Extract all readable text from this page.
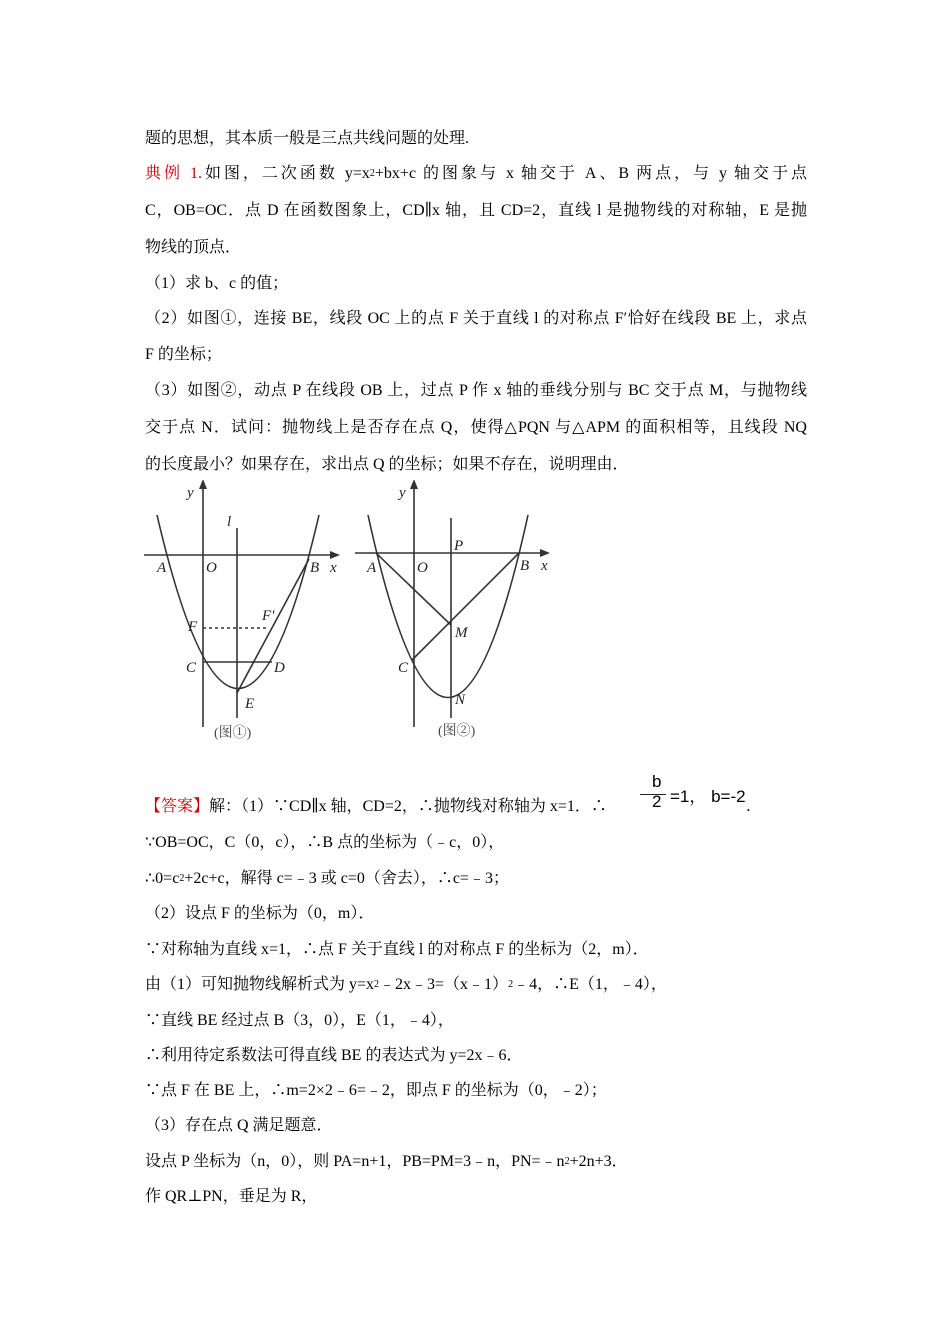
题的思想，其本质一般是三点共线问题的处理.
典例 1.如图，二次函数 $y=x^2+bx+c$ 的图象与 x 轴交于 A、B 两点，与 y 轴交于点
C，OB=OC．点 D 在函数图象上，CD∥x 轴，且 CD=2，直线 l 是抛物线的对称轴，E 是抛
物线的顶点．
（1）求 b、c 的值；
（2）如图①，连接 BE，线段 OC 上的点 F 关于直线 l 的对称点 F′恰好在线段 BE 上，求点
F 的坐标；
（3）如图②，动点 P 在线段 OB 上，过点 P 作 x 轴的垂线分别与 BC 交于点 M，与抛物线
交于点 N．试问：抛物线上是否存在点 Q，使得△PQN 与△APM 的面积相等，且线段 NQ
的长度最小？如果存在，求出点 Q 的坐标；如果不存在，说明理由．
y
l
A	O	B x
F
F′
C	D
E
(图①)
y
P
A	O	B x
M
C
N
(图②)
【答案】解：（1）∵CD∥x 轴，CD=2，∴抛物线对称轴为 x=1．∴
b
2 =1， b=-2 .
∵OB=OC，C（0，c），∴B 点的坐标为（﹣c，0），
$\therefore 0=c^2+2c+c$，解得 c=﹣3 或 c=0（舍去），∴c=﹣3；
（2）设点 F 的坐标为（0，m）．
∵对称轴为直线 x=1，∴点 F 关于直线 l 的对称点 F 的坐标为（2，m）．
由（1）可知抛物线解析式为 $y=x^2﹣2x﹣3=(x﹣1)^2﹣4$，∴E（1，﹣4），
∵直线 BE 经过点 B（3，0），E（1，﹣4），
∴利用待定系数法可得直线 BE 的表达式为 y=2x﹣6．
∵点 F 在 BE 上，∴m=2×2﹣6=﹣2，即点 F 的坐标为（0，﹣2）；
（3）存在点 Q 满足题意．
设点 P 坐标为（n，0），则 PA=n+1，PB=PM=3﹣n，$PN=﹣n^2+2n+3$．
作 QR⊥PN，垂足为 R，
